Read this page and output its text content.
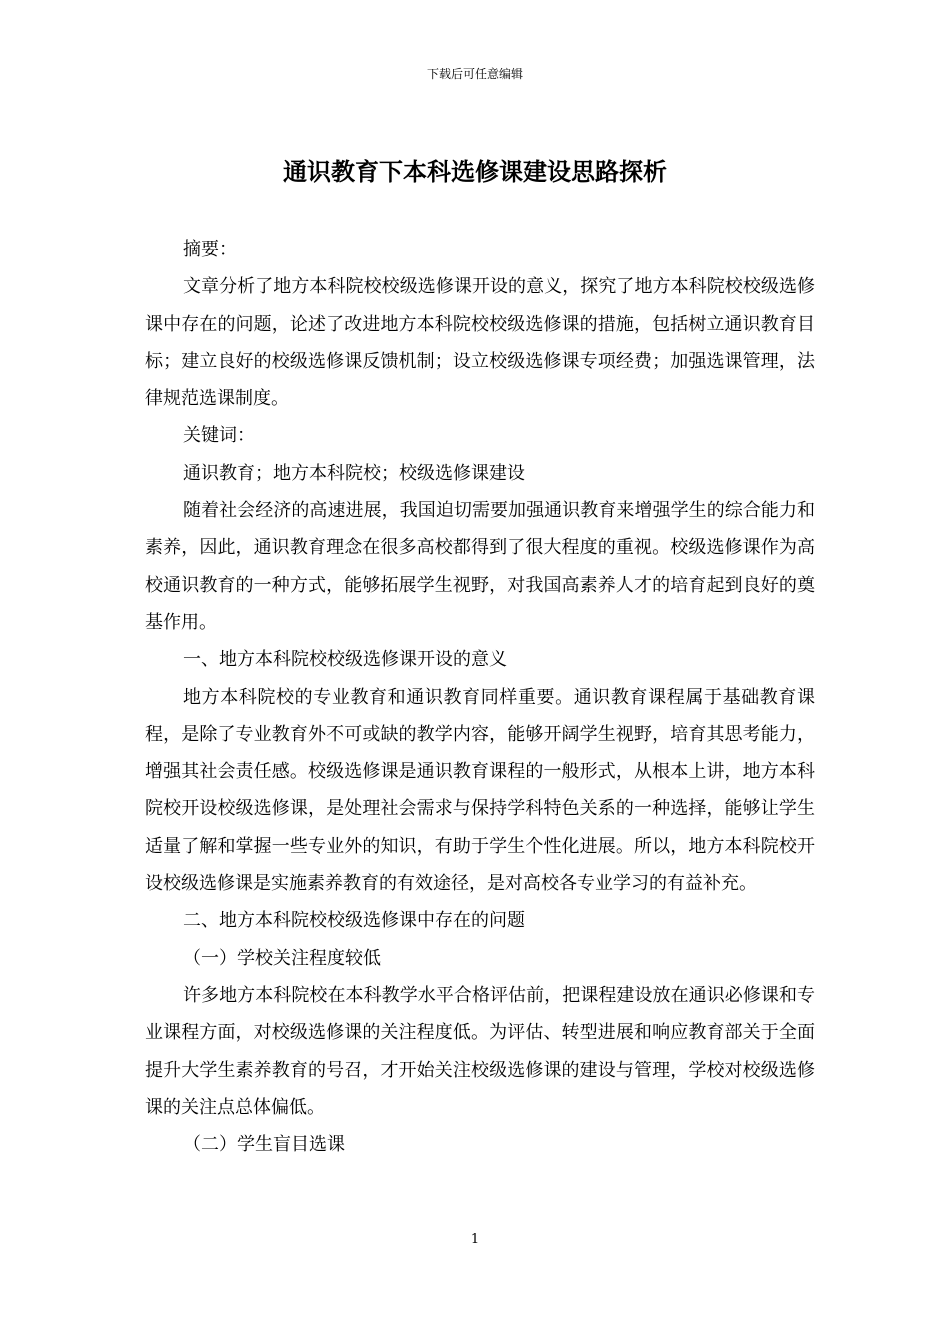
下载后可任意编辑
通识教育下本科选修课建设思路探析

摘要：

文章分析了地方本科院校校级选修课开设的意义，探究了地方本科院校校级选修课中存在的问题，论述了改进地方本科院校校级选修课的措施，包括树立通识教育目标；建立良好的校级选修课反馈机制；设立校级选修课专项经费；加强选课管理，法律规范选课制度。

关键词：

通识教育；地方本科院校；校级选修课建设

随着社会经济的高速进展，我国迫切需要加强通识教育来增强学生的综合能力和素养，因此，通识教育理念在很多高校都得到了很大程度的重视。校级选修课作为高校通识教育的一种方式，能够拓展学生视野，对我国高素养人才的培育起到良好的奠基作用。

一、地方本科院校校级选修课开设的意义

地方本科院校的专业教育和通识教育同样重要。通识教育课程属于基础教育课程，是除了专业教育外不可或缺的教学内容，能够开阔学生视野，培育其思考能力，增强其社会责任感。校级选修课是通识教育课程的一般形式，从根本上讲，地方本科院校开设校级选修课，是处理社会需求与保持学科特色关系的一种选择，能够让学生适量了解和掌握一些专业外的知识，有助于学生个性化进展。所以，地方本科院校开设校级选修课是实施素养教育的有效途径，是对高校各专业学习的有益补充。

二、地方本科院校校级选修课中存在的问题

（一）学校关注程度较低

许多地方本科院校在本科教学水平合格评估前，把课程建设放在通识必修课和专业课程方面，对校级选修课的关注程度低。为评估、转型进展和响应教育部关于全面提升大学生素养教育的号召，才开始关注校级选修课的建设与管理，学校对校级选修课的关注点总体偏低。

（二）学生盲目选课

1
